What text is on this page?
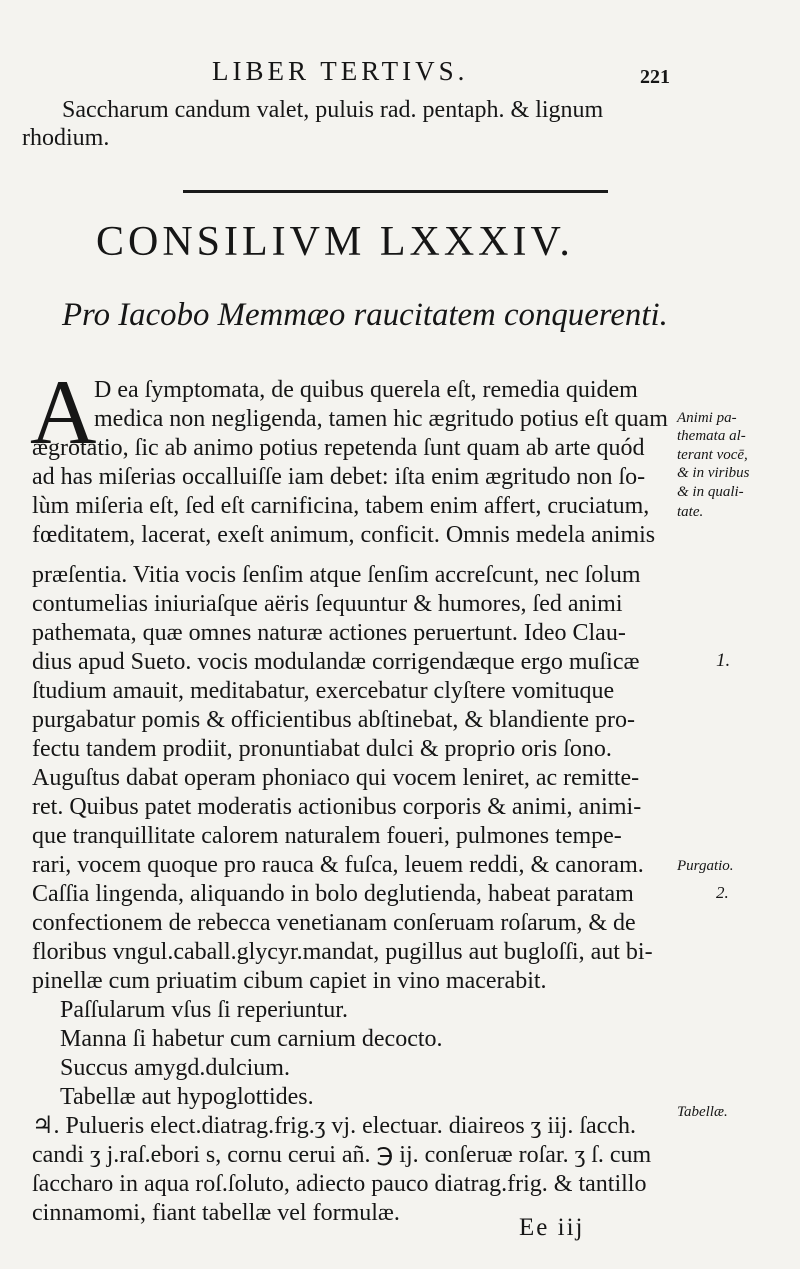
LIBER TERTIVS.	221
Saccharum candum valet, puluis rad. pentaph. & lignum
rhodium.
CONSILIVM LXXXIV.
Pro Iacobo Memmæo raucitatem conquerenti.
A
D ea ſymptomata, de quibus querela eſt, remedia quidem
medica non negligenda, tamen hic ægritudo potius eſt quam
ægrotatio, ſic ab animo potius repetenda ſunt quam ab arte quód
ad has miſerias occalluiſſe iam debet: iſta enim ægritudo non ſo-
lùm miſeria eſt, ſed eſt carnificina, tabem enim affert, cruciatum,
fœditatem, lacerat, exeſt animum, conficit. Omnis medela animis
præſentia. Vitia vocis ſenſim atque ſenſim accreſcunt, nec ſolum
contumelias iniuriaſque aëris ſequuntur & humores, ſed animi
pathemata, quæ omnes naturæ actiones peruertunt. Ideo Clau-
dius apud Sueto. vocis modulandæ corrigendæque ergo muſicæ
ſtudium amauit, meditabatur, exercebatur clyſtere vomituque
purgabatur pomis & officientibus abſtinebat, & blandiente pro-
fectu tandem prodiit, pronuntiabat dulci & proprio oris ſono.
Auguſtus dabat operam phoniaco qui vocem leniret, ac remitte-
ret. Quibus patet moderatis actionibus corporis & animi, animi-
que tranquillitate calorem naturalem foueri, pulmones tempe-
rari, vocem quoque pro rauca & fuſca, leuem reddi, & canoram.
Caſſia lingenda, aliquando in bolo deglutienda, habeat paratam
confectionem de rebecca venetianam conſeruam roſarum, & de
floribus vngul.caball.glycyr.mandat, pugillus aut bugloſſi, aut bi-
pinellæ cum priuatim cibum capiet in vino macerabit.
Paſſularum vſus ſi reperiuntur.
Manna ſi habetur cum carnium decocto.
Succus amygd.dulcium.
Tabellæ aut hypoglottides.
♃. Pulueris elect.diatrag.frig.ʒ vj. electuar. diaireos ʒ iij. ſacch.
candi ʒ j.raſ.ebori s, cornu cerui añ. ℈ ij. conſeruæ roſar. ʒ ſ. cum
ſaccharo in aqua roſ.ſoluto, adiecto pauco diatrag.frig. & tantillo
cinnamomi, fiant tabellæ vel formulæ.
Animi pa-
themata al-
terant vocē,
& in viribus
& in quali-
tate.
1.
Purgatio.
2.
Tabellæ.
Ee iij
